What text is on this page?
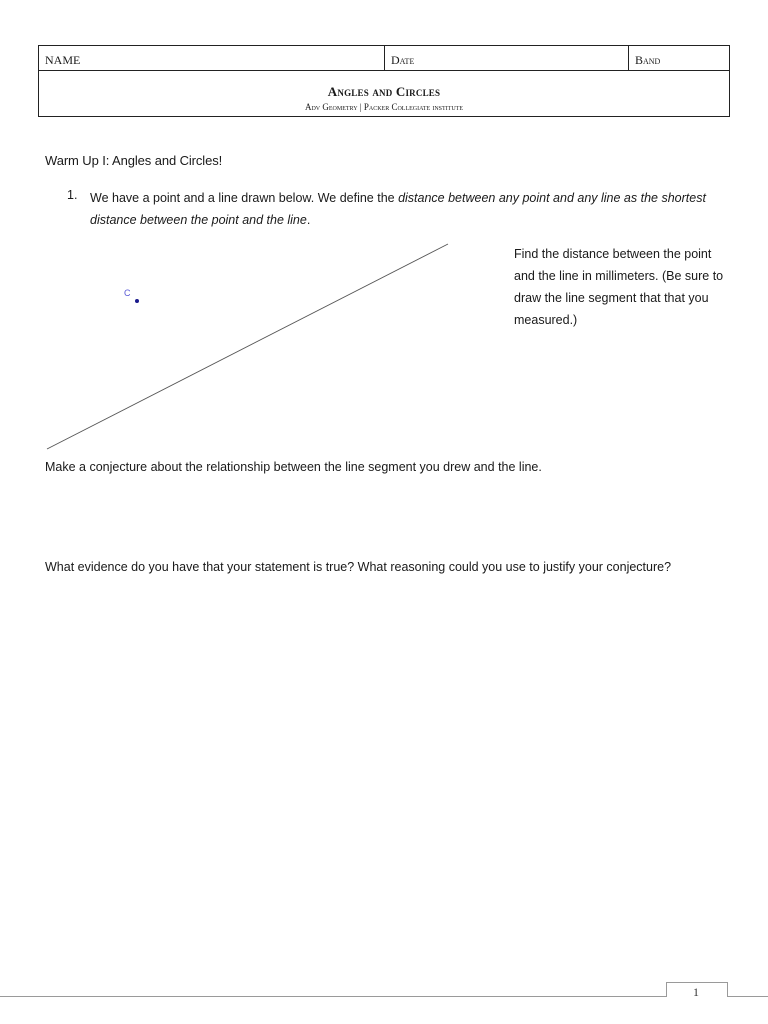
NAME	Date	Band

Angles and Circles
Adv Geometry | Packer Collegiate institute
Warm Up I: Angles and Circles!
1. We have a point and a line drawn below. We define the distance between any point and any line as the shortest distance between the point and the line.
C
Find the distance between the point and the line in millimeters. (Be sure to draw the line segment that that you measured.)
Make a conjecture about the relationship between the line segment you drew and the line.
What evidence do you have that your statement is true? What reasoning could you use to justify your conjecture?
1
